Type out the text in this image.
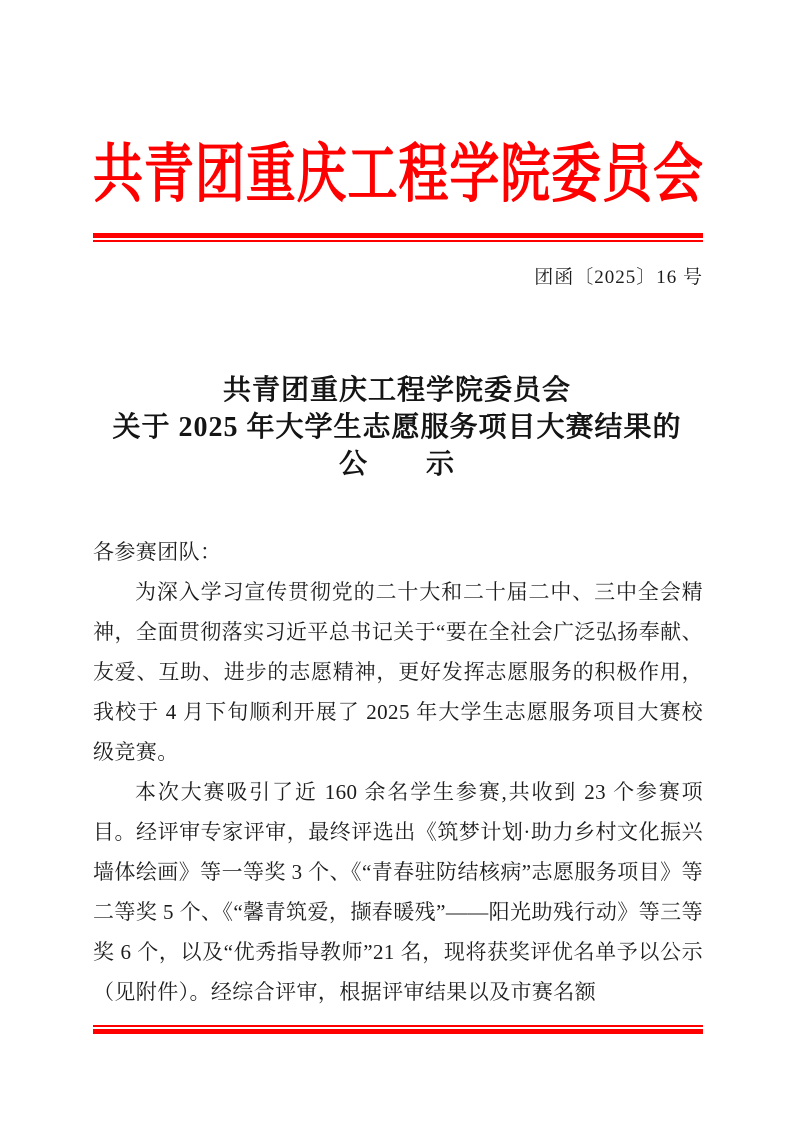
共青团重庆工程学院委员会
团函〔2025〕16 号
共青团重庆工程学院委员会
关于 2025 年大学生志愿服务项目大赛结果的
公　　示

各参赛团队：

为深入学习宣传贯彻党的二十大和二十届二中、三中全会精神，全面贯彻落实习近平总书记关于“要在全社会广泛弘扬奉献、友爱、互助、进步的志愿精神，更好发挥志愿服务的积极作用，我校于 4 月下旬顺利开展了 2025 年大学生志愿服务项目大赛校级竞赛。

本次大赛吸引了近 160 余名学生参赛,共收到 23 个参赛项目。经评审专家评审，最终评选出《筑梦计划·助力乡村文化振兴墙体绘画》等一等奖 3 个、《“青春驻防结核病”志愿服务项目》等二等奖 5 个、《“馨青筑爱，撷春暖残”——阳光助残行动》等三等奖 6 个，以及“优秀指导教师”21 名，现将获奖评优名单予以公示（见附件）。经综合评审，根据评审结果以及市赛名额
